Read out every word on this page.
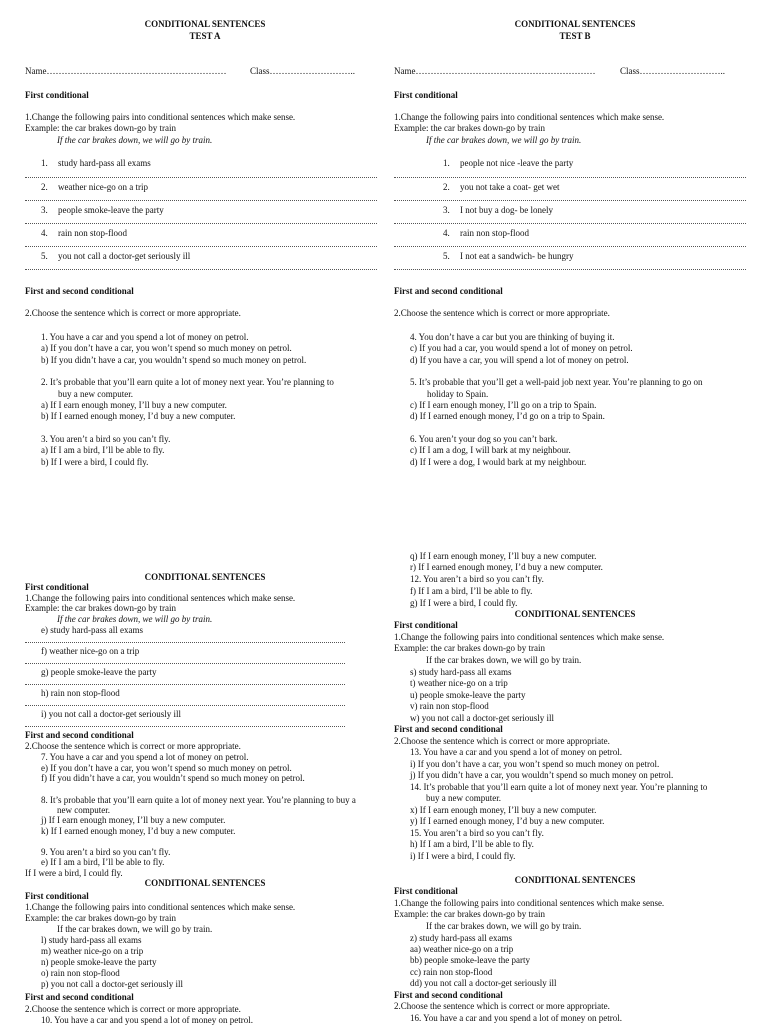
CONDITIONAL SENTENCES
TEST A
Name……………………………………………………	Class………………………..
First conditional
1.Change the following pairs into conditional sentences which make sense.
Example: the car brakes down-go by train
If the car brakes down, we will go by train.
1. study hard-pass all exams
2. weather nice-go on a trip
3. people smoke-leave the party
4. rain non stop-flood
5. you not call a doctor-get seriously ill
First and second conditional
2.Choose the sentence which is correct or more appropriate.
1. You have a car and you spend a lot of money on petrol.
a) If you don’t have a car, you won’t spend so much money on petrol.
b) If you didn’t have a car, you wouldn’t spend so much money on petrol.
2. It’s probable that you’ll earn quite a lot of money next year. You’re planning to
buy a new computer.
a) If I earn enough money, I’ll buy a new computer.
b) If I earned enough money, I’d buy a new computer.
3. You aren’t a bird so you can’t fly.
a) If I am a bird, I’ll be able to fly.
b) If I were a bird, I could fly.
CONDITIONAL SENTENCES
TEST B
Name……………………………………………………	Class………………………..
First conditional
1.Change the following pairs into conditional sentences which make sense.
Example: the car brakes down-go by train
If the car brakes down, we will go by train.
1. people not nice -leave the party
2. you not take a coat- get wet
3. I not buy a dog- be lonely
4. rain non stop-flood
5. I not eat a sandwich- be hungry
First and second conditional
2.Choose the sentence which is correct or more appropriate.
4. You don’t have a car but you are thinking of buying it.
c) If you had a car, you would spend a lot of money on petrol.
d) If you have a car, you will spend a lot of money on petrol.
5. It’s probable that you’ll get a well-paid job next year. You’re planning to go on
holiday to Spain.
c) If I earn enough money, I’ll go on a trip to Spain.
d) If I earned enough money, I’d go on a trip to Spain.
6. You aren’t your dog so you can’t bark.
c) If I am a dog, I will bark at my neighbour.
d) If I were a dog, I would bark at my neighbour.
CONDITIONAL SENTENCES
First conditional
1.Change the following pairs into conditional sentences which make sense.
Example: the car brakes down-go by train
If the car brakes down, we will go by train.
e) study hard-pass all exams
f) weather nice-go on a trip
g) people smoke-leave the party
h) rain non stop-flood
i) you not call a doctor-get seriously ill
First and second conditional
2.Choose the sentence which is correct or more appropriate.
7. You have a car and you spend a lot of money on petrol.
e) If you don’t have a car, you won’t spend so much money on petrol.
f) If you didn’t have a car, you wouldn’t spend so much money on petrol.
8. It’s probable that you’ll earn quite a lot of money next year. You’re planning to buy a
new computer.
j) If I earn enough money, I’ll buy a new computer.
k) If I earned enough money, I’d buy a new computer.
9. You aren’t a bird so you can’t fly.
e) If I am a bird, I’ll be able to fly.
If I were a bird, I could fly.
CONDITIONAL SENTENCES
First conditional
1.Change the following pairs into conditional sentences which make sense.
Example: the car brakes down-go by train
If the car brakes down, we will go by train.
l) study hard-pass all exams
m) weather nice-go on a trip
n) people smoke-leave the party
o) rain non stop-flood
p) you not call a doctor-get seriously ill
First and second conditional
2.Choose the sentence which is correct or more appropriate.
10. You have a car and you spend a lot of money on petrol.
q) If I earn enough money, I’ll buy a new computer.
r) If I earned enough money, I’d buy a new computer.
12. You aren’t a bird so you can’t fly.
f) If I am a bird, I’ll be able to fly.
g) If I were a bird, I could fly.
CONDITIONAL SENTENCES
First conditional
1.Change the following pairs into conditional sentences which make sense.
Example: the car brakes down-go by train
If the car brakes down, we will go by train.
s) study hard-pass all exams
t) weather nice-go on a trip
u) people smoke-leave the party
v) rain non stop-flood
w) you not call a doctor-get seriously ill
First and second conditional
2.Choose the sentence which is correct or more appropriate.
13. You have a car and you spend a lot of money on petrol.
i) If you don’t have a car, you won’t spend so much money on petrol.
j) If you didn’t have a car, you wouldn’t spend so much money on petrol.
14. It’s probable that you’ll earn quite a lot of money next year. You’re planning to
buy a new computer.
x) If I earn enough money, I’ll buy a new computer.
y) If I earned enough money, I’d buy a new computer.
15. You aren’t a bird so you can’t fly.
h) If I am a bird, I’ll be able to fly.
i) If I were a bird, I could fly.
CONDITIONAL SENTENCES
First conditional
1.Change the following pairs into conditional sentences which make sense.
Example: the car brakes down-go by train
If the car brakes down, we will go by train.
z) study hard-pass all exams
aa) weather nice-go on a trip
bb) people smoke-leave the party
cc) rain non stop-flood
dd) you not call a doctor-get seriously ill
First and second conditional
2.Choose the sentence which is correct or more appropriate.
16. You have a car and you spend a lot of money on petrol.
